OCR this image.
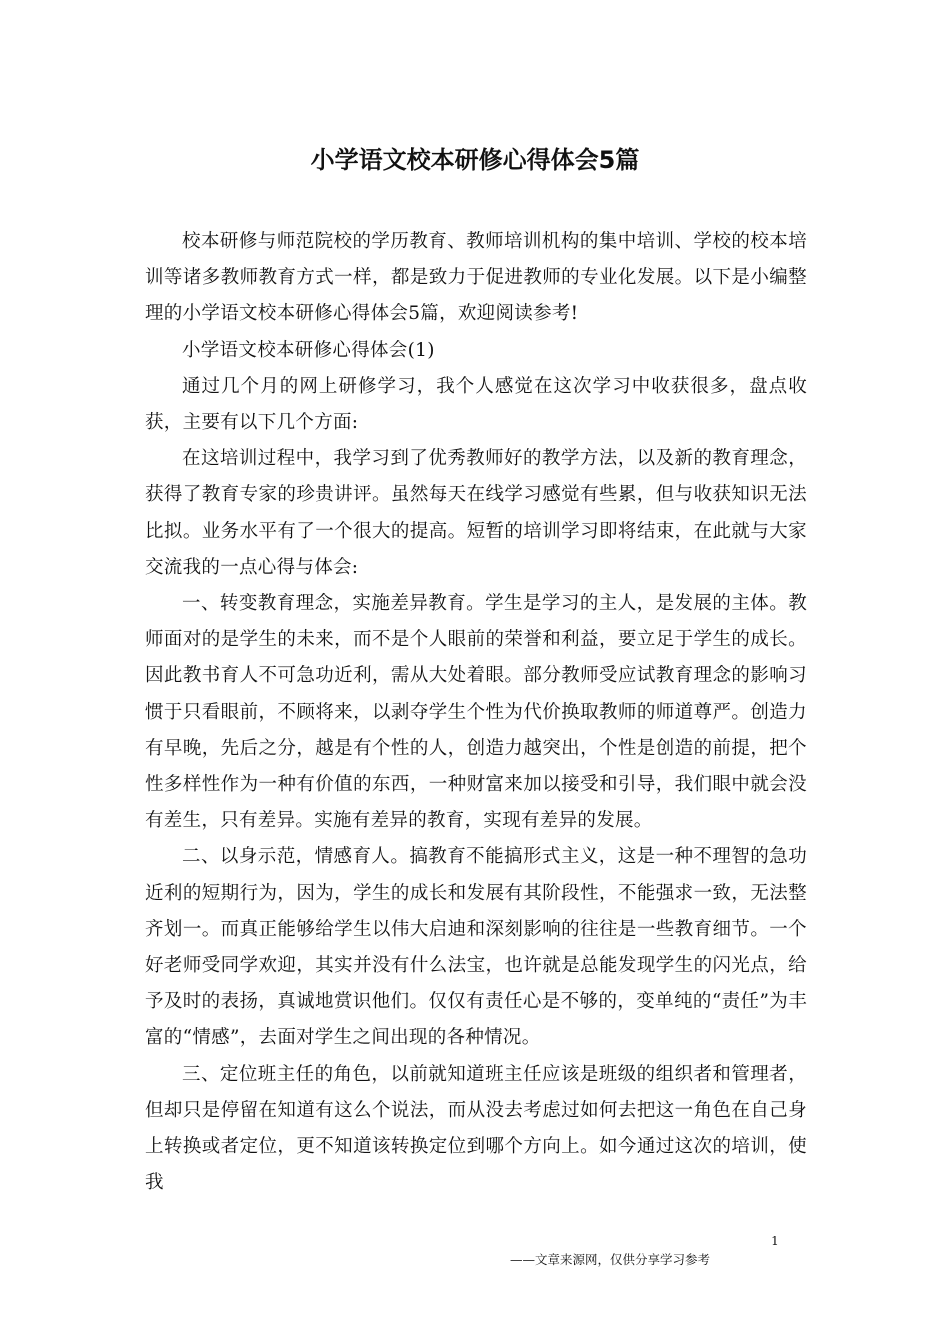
小学语文校本研修心得体会5篇

校本研修与师范院校的学历教育、教师培训机构的集中培训、学校的校本培训等诸多教师教育方式一样，都是致力于促进教师的专业化发展。以下是小编整理的小学语文校本研修心得体会5篇，欢迎阅读参考!

小学语文校本研修心得体会(1)

通过几个月的网上研修学习，我个人感觉在这次学习中收获很多，盘点收获，主要有以下几个方面:

在这培训过程中，我学习到了优秀教师好的教学方法，以及新的教育理念，获得了教育专家的珍贵讲评。虽然每天在线学习感觉有些累，但与收获知识无法比拟。业务水平有了一个很大的提高。短暂的培训学习即将结束，在此就与大家交流我的一点心得与体会:

一、转变教育理念，实施差异教育。学生是学习的主人，是发展的主体。教师面对的是学生的未来，而不是个人眼前的荣誉和利益，要立足于学生的成长。因此教书育人不可急功近利，需从大处着眼。部分教师受应试教育理念的影响习惯于只看眼前，不顾将来，以剥夺学生个性为代价换取教师的师道尊严。创造力有早晚，先后之分，越是有个性的人，创造力越突出，个性是创造的前提，把个性多样性作为一种有价值的东西，一种财富来加以接受和引导，我们眼中就会没有差生，只有差异。实施有差异的教育，实现有差异的发展。

二、以身示范，情感育人。搞教育不能搞形式主义，这是一种不理智的急功近利的短期行为，因为，学生的成长和发展有其阶段性，不能强求一致，无法整齐划一。而真正能够给学生以伟大启迪和深刻影响的往往是一些教育细节。一个好老师受同学欢迎，其实并没有什么法宝，也许就是总能发现学生的闪光点，给予及时的表扬，真诚地赏识他们。仅仅有责任心是不够的，变单纯的“责任”为丰富的“情感”，去面对学生之间出现的各种情况。

三、定位班主任的角色，以前就知道班主任应该是班级的组织者和管理者，但却只是停留在知道有这么个说法，而从没去考虑过如何去把这一角色在自己身上转换或者定位，更不知道该转换定位到哪个方向上。如今通过这次的培训，使我

1
——文章来源网，仅供分享学习参考
